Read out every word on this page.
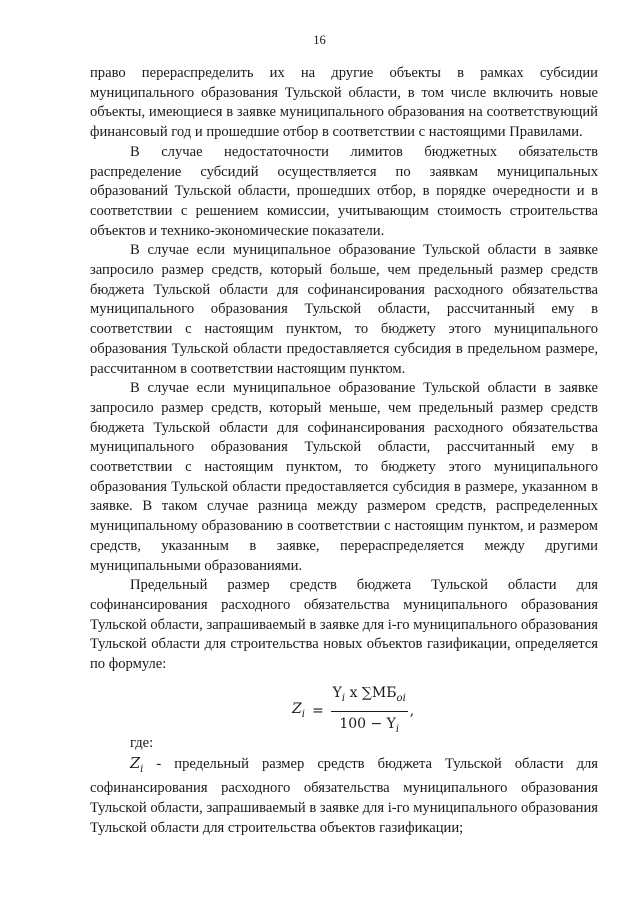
16

право перераспределить их на другие объекты в рамках субсидии муниципального образования Тульской области, в том числе включить новые объекты, имеющиеся в заявке муниципального образования на соответствующий финансовый год и прошедшие отбор в соответствии с настоящими Правилами.

В случае недостаточности лимитов бюджетных обязательств распределение субсидий осуществляется по заявкам муниципальных образований Тульской области, прошедших отбор, в порядке очередности и в соответствии с решением комиссии, учитывающим стоимость строительства объектов и технико-экономические показатели.

В случае если муниципальное образование Тульской области в заявке запросило размер средств, который больше, чем предельный размер средств бюджета Тульской области для софинансирования расходного обязательства муниципального образования Тульской области, рассчитанный ему в соответствии с настоящим пунктом, то бюджету этого муниципального образования Тульской области предоставляется субсидия в предельном размере, рассчитанном в соответствии настоящим пунктом.

В случае если муниципальное образование Тульской области в заявке запросило размер средств, который меньше, чем предельный размер средств бюджета Тульской области для софинансирования расходного обязательства муниципального образования Тульской области, рассчитанный ему в соответствии с настоящим пунктом, то бюджету этого муниципального образования Тульской области предоставляется субсидия в размере, указанном в заявке. В таком случае разница между размером средств, распределенных муниципальному образованию в соответствии с настоящим пунктом, и размером средств, указанным в заявке, перераспределяется между другими муниципальными образованиями.

Предельный размер средств бюджета Тульской области для софинансирования расходного обязательства муниципального образования Тульской области, запрашиваемый в заявке для i-го муниципального образования Тульской области для строительства новых объектов газификации, определяется по формуле:

$Z_i = \frac{Y_i x \sum МБ_{oi}}{100 - Y_i}$ ,

где:

$Z_i$ - предельный размер средств бюджета Тульской области для софинансирования расходного обязательства муниципального образования Тульской области, запрашиваемый в заявке для i-го муниципального образования Тульской области для строительства объектов газификации;
